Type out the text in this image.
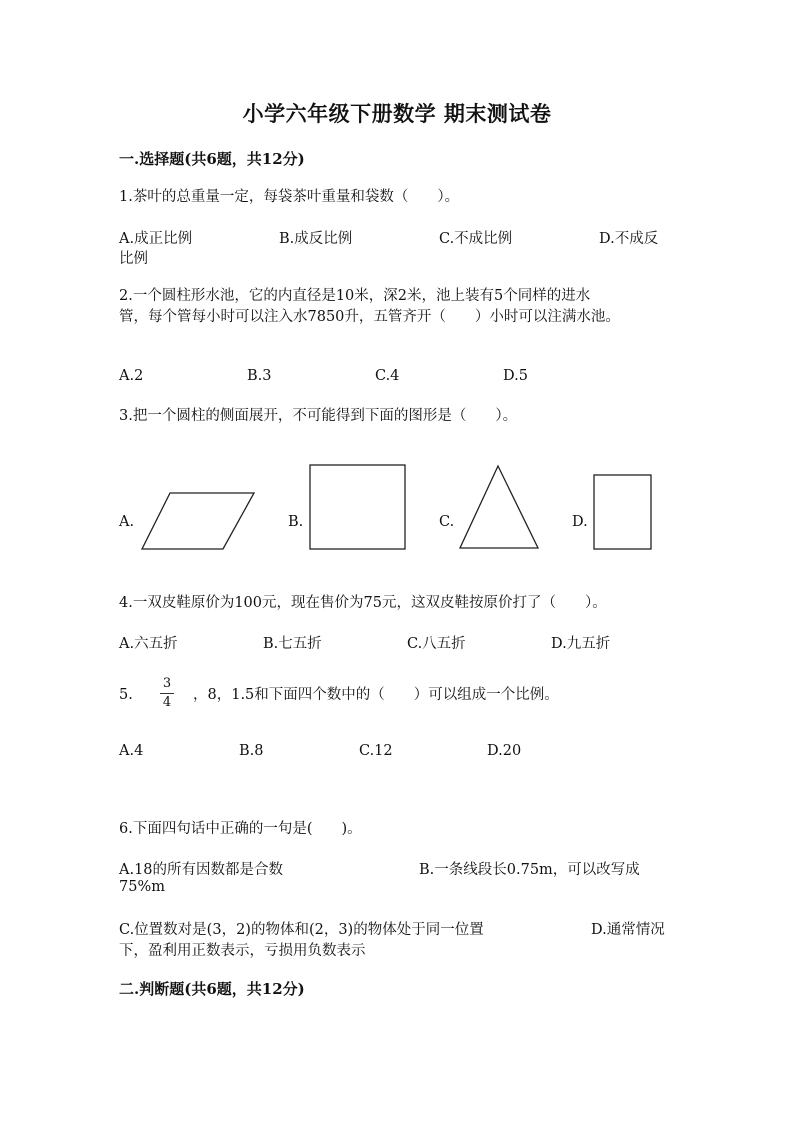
小学六年级下册数学 期末测试卷
一.选择题(共6题，共12分)
1.茶叶的总重量一定，每袋茶叶重量和袋数（　　）。
A.成正比例	B.成反比例	C.不成比例	D.不成反
比例
2.一个圆柱形水池，它的内直径是10米，深2米，池上装有5个同样的进水
管，每个管每小时可以注入水7850升，五管齐开（　　）小时可以注满水池。
A.2	B.3	C.4	D.5
3.把一个圆柱的侧面展开，不可能得到下面的图形是（　　）。
A.	B.	C.	D.
4.一双皮鞋原价为100元，现在售价为75元，这双皮鞋按原价打了（　　）。
A.六五折	B.七五折	C.八五折	D.九五折
5.
3
4 ，8，1.5和下面四个数中的（　　）可以组成一个比例。
A.4	B.8	C.12	D.20
6.下面四句话中正确的一句是(　　)。
A.18的所有因数都是合数	B.一条线段长0.75m，可以改写成
75%m
C.位置数对是(3，2)的物体和(2，3)的物体处于同一位置	D.通常情况
下，盈利用正数表示，亏损用负数表示
二.判断题(共6题，共12分)
